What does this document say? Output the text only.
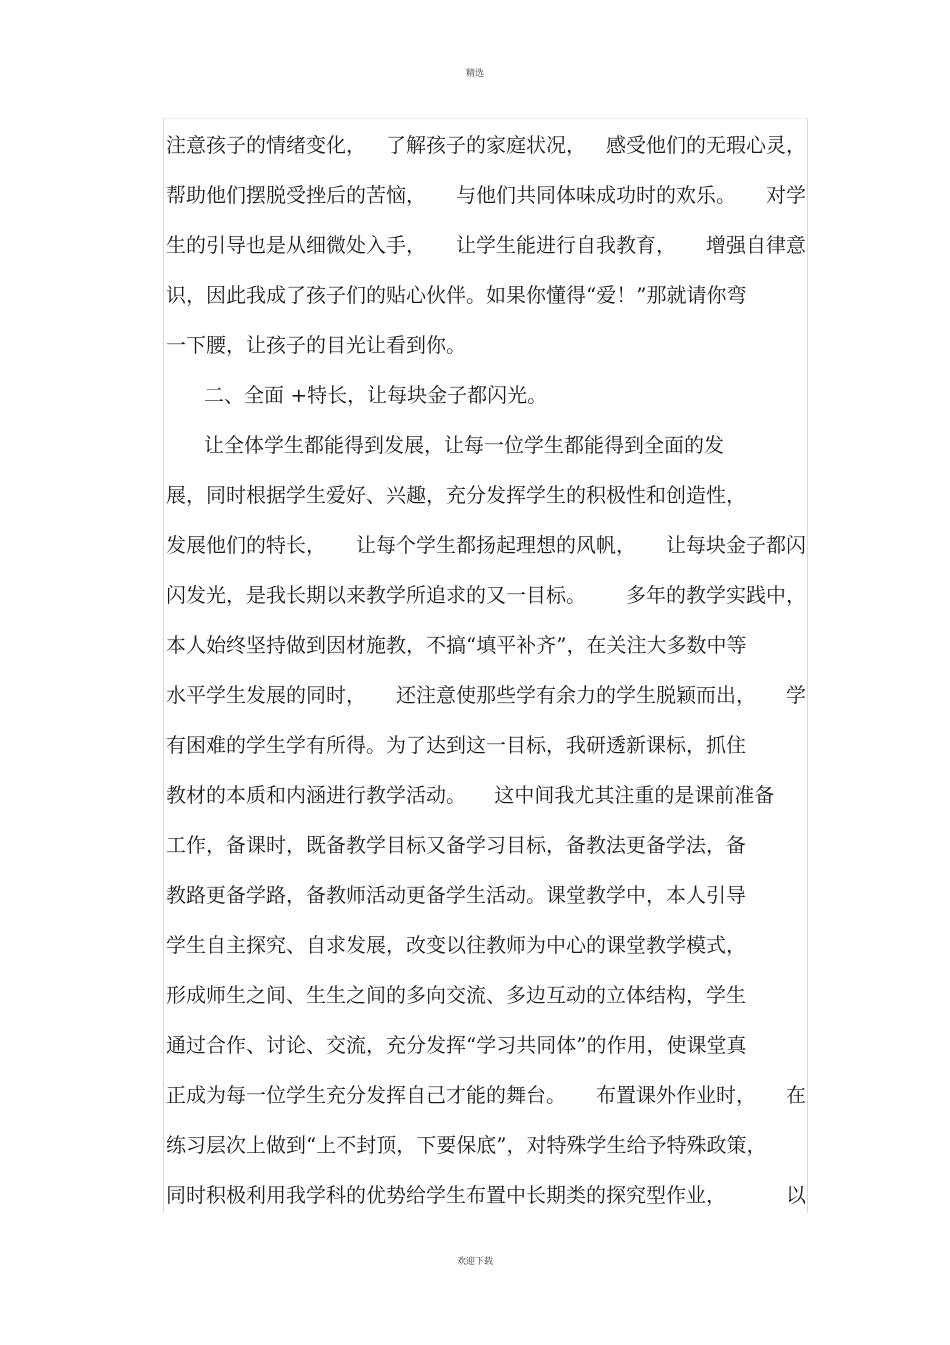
精选
注意孩子的情绪变化， 了解孩子的家庭状况， 感受他们的无瑕心灵，
帮助他们摆脱受挫后的苦恼， 与他们共同体味成功时的欢乐。 对学
生的引导也是从细微处入手， 让学生能进行自我教育， 增强自律意
识，因此我成了孩子们的贴心伙伴。如果你懂得“爱！”那就请你弯
一下腰，让孩子的目光让看到你。
二、全面 +特长，让每块金子都闪光。
让全体学生都能得到发展，让每一位学生都能得到全面的发
展，同时根据学生爱好、兴趣，充分发挥学生的积极性和创造性，
发展他们的特长， 让每个学生都扬起理想的风帆， 让每块金子都闪
闪发光，是我长期以来教学所追求的又一目标。 多年的教学实践中，
本人始终坚持做到因材施教，不搞“填平补齐”，在关注大多数中等
水平学生发展的同时， 还注意使那些学有余力的学生脱颖而出， 学
有困难的学生学有所得。为了达到这一目标，我研透新课标，抓住
教材的本质和内涵进行教学活动。 这中间我尤其注重的是课前准备
工作，备课时，既备教学目标又备学习目标，备教法更备学法，备
教路更备学路，备教师活动更备学生活动。课堂教学中，本人引导
学生自主探究、自求发展，改变以往教师为中心的课堂教学模式，
形成师生之间、生生之间的多向交流、多边互动的立体结构，学生
通过合作、讨论、交流，充分发挥“学习共同体”的作用，使课堂真
正成为每一位学生充分发挥自己才能的舞台。 布置课外作业时， 在
练习层次上做到“上不封顶，下要保底”，对特殊学生给予特殊政策，
同时积极利用我学科的优势给学生布置中长期类的探究型作业，	以
欢迎下载
